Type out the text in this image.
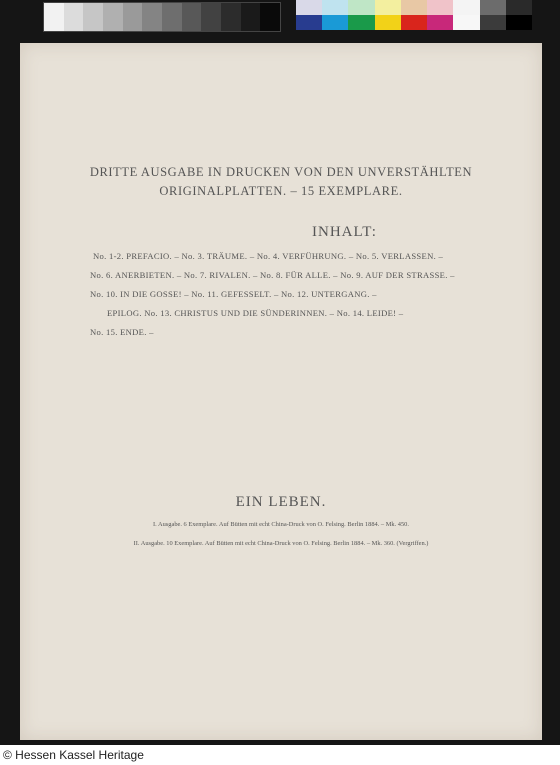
DRITTE AUSGABE IN DRUCKEN VON DEN UNVERSTÄHLTEN
ORIGINALPLATTEN. – 15 EXEMPLARE.
INHALT:
No. 1-2. PREFACIO. – No. 3. TRÄUME. – No. 4. VERFÜHRUNG. – No. 5. VERLASSEN. –
No. 6. ANERBIETEN. – No. 7. RIVALEN. – No. 8. FÜR ALLE. – No. 9. AUF DER STRASSE. –
No. 10. IN DIE GOSSE! – No. 11. GEFESSELT. – No. 12. UNTERGANG. –
EPILOG. No. 13. CHRISTUS UND DIE SÜNDERINNEN. – No. 14. LEIDE! –
No. 15. ENDE. –
EIN LEBEN.
I. Ausgabe. 6 Exemplare. Auf Bütten mit echt China-Druck von O. Felsing. Berlin 1884. – Mk. 450.
II. Ausgabe. 10 Exemplare. Auf Bütten mit echt China-Druck von O. Felsing. Berlin 1884. – Mk. 360. (Vergriffen.)
© Hessen Kassel Heritage
